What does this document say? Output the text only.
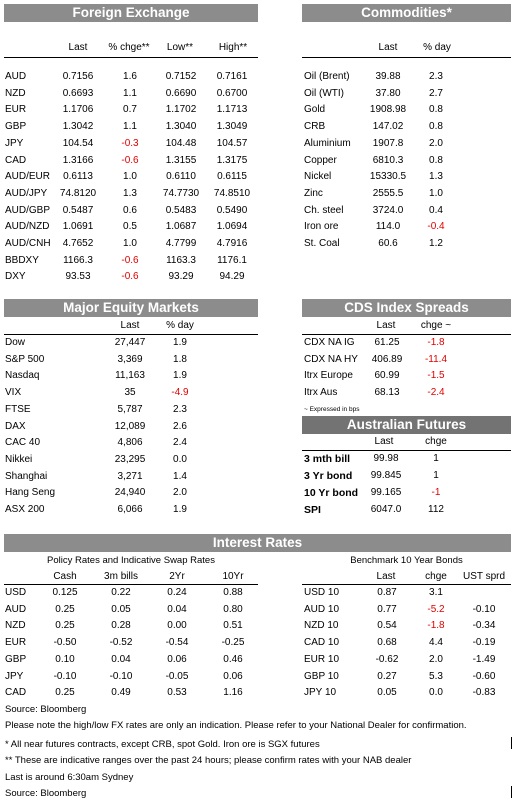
Foreign Exchange
Last	% chge**	Low**	High**
AUD	0.7156	1.6	0.7152	0.7161
NZD	0.6693	1.1	0.6690	0.6700
EUR	1.1706	0.7	1.1702	1.1713
GBP	1.3042	1.1	1.3040	1.3049
JPY	104.54	-0.3	104.48	104.57
CAD	1.3166	-0.6	1.3155	1.3175
AUD/EUR	0.6113	1.0	0.6110	0.6115
AUD/JPY	74.8120	1.3	74.7730	74.8510
AUD/GBP	0.5487	0.6	0.5483	0.5490
AUD/NZD	1.0691	0.5	1.0687	1.0694
AUD/CNH	4.7652	1.0	4.7799	4.7916
BBDXY	1166.3	-0.6	1163.3	1176.1
DXY	93.53	-0.6	93.29	94.29
Commodities*
Last	% day
Oil (Brent)	39.88	2.3
Oil (WTI)	37.80	2.7
Gold	1908.98	0.8
CRB	147.02	0.8
Aluminium	1907.8	2.0
Copper	6810.3	0.8
Nickel	15330.5	1.3
Zinc	2555.5	1.0
Ch. steel	3724.0	0.4
Iron ore	114.0	-0.4
St. Coal	60.6	1.2
Major Equity Markets
Last	% day
Dow	27,447	1.9
S&P 500	3,369	1.8
Nasdaq	11,163	1.9
VIX	35	-4.9
FTSE	5,787	2.3
DAX	12,089	2.6
CAC 40	4,806	2.4
Nikkei	23,295	0.0
Shanghai	3,271	1.4
Hang Seng	24,940	2.0
ASX 200	6,066	1.9
CDS Index Spreads
Last	chge ~
CDX NA IG	61.25	-1.8
CDX NA HY	406.89	-11.4
Itrx Europe	60.99	-1.5
Itrx Aus	68.13	-2.4
~ Expressed in bps
Australian Futures
Last	chge
3 mth bill	99.98	1
3 Yr bond	99.845	1
10 Yr bond	99.165	-1
SPI	6047.0	112
Interest Rates
Policy Rates and Indicative Swap Rates
Cash	3m bills	2Yr	10Yr
USD	0.125	0.22	0.24	0.88
AUD	0.25	0.05	0.04	0.80
NZD	0.25	0.28	0.00	0.51
EUR	-0.50	-0.52	-0.54	-0.25
GBP	0.10	0.04	0.06	0.46
JPY	-0.10	-0.10	-0.05	0.06
CAD	0.25	0.49	0.53	1.16
Benchmark 10 Year Bonds
Last	chge	UST sprd
USD 10	0.87	3.1
AUD 10	0.77	-5.2	-0.10
NZD 10	0.54	-1.8	-0.34
CAD 10	0.68	4.4	-0.19
EUR 10	-0.62	2.0	-1.49
GBP 10	0.27	5.3	-0.60
JPY 10	0.05	0.0	-0.83
Source: Bloomberg
Please note the high/low FX rates are only an indication. Please refer to your National Dealer for confirmation.
* All near futures contracts, except CRB, spot Gold. Iron ore is SGX futures
** These are indicative ranges over the past 24 hours; please confirm rates with your NAB dealer
Last is around 6:30am Sydney
Source: Bloomberg
